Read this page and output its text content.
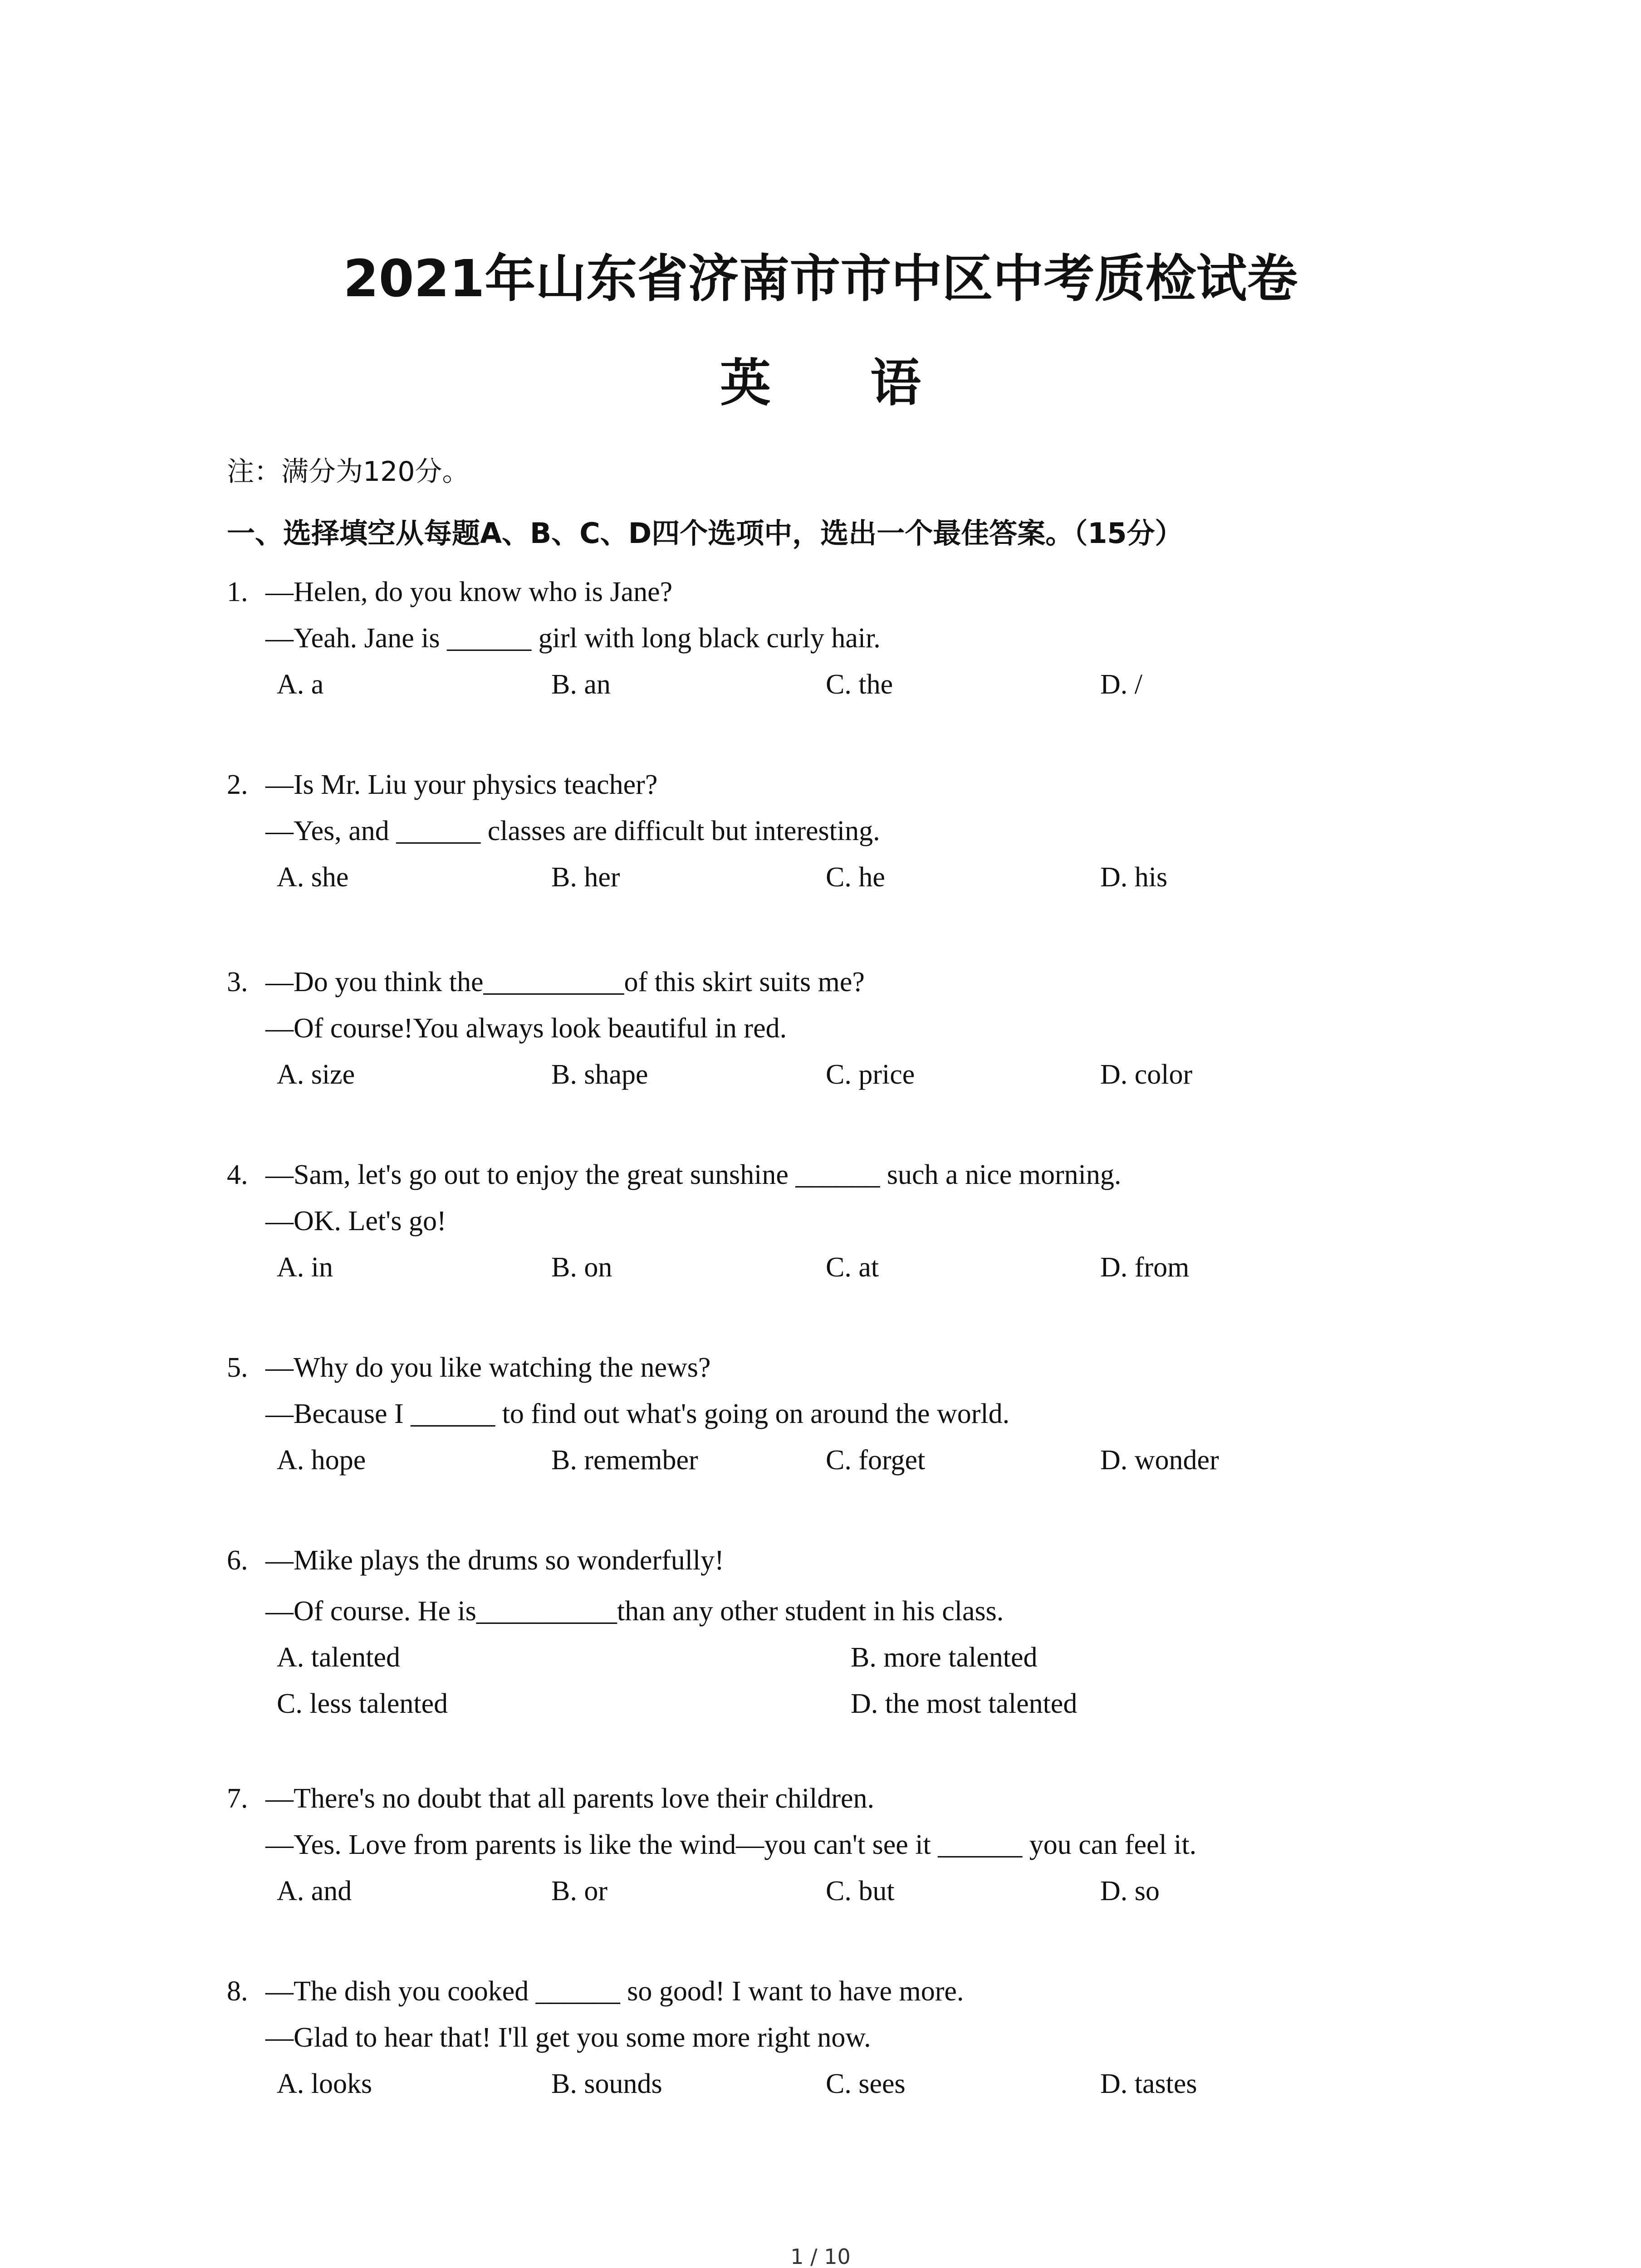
2021年山东省济南市市中区中考质检试卷
英 语
注：满分为120分。
一、选择填空从每题A、B、C、D四个选项中，选出一个最佳答案。（15分）
1. —Helen, do you know who is Jane?
—Yeah. Jane is ______ girl with long black curly hair.
A. a	B. an	C. the	D. /
2. —Is Mr. Liu your physics teacher?
—Yes, and ______ classes are difficult but interesting.
A. she	B. her	C. he	D. his
3. —Do you think the__________of this skirt suits me?
—Of course!You always look beautiful in red.
A. size	B. shape	C. price	D. color
4. —Sam, let's go out to enjoy the great sunshine ______ such a nice morning.
—OK. Let's go!
A. in	B. on	C. at	D. from
5. —Why do you like watching the news?
—Because I ______ to find out what's going on around the world.
A. hope	B. remember	C. forget	D. wonder
6. —Mike plays the drums so wonderfully!
—Of course. He is__________than any other student in his class.
A. talented	B. more talented
C. less talented	D. the most talented
7. —There's no doubt that all parents love their children.
—Yes. Love from parents is like the wind—you can't see it ______ you can feel it.
A. and	B. or	C. but	D. so
8. —The dish you cooked ______ so good! I want to have more.
—Glad to hear that! I'll get you some more right now.
A. looks	B. sounds	C. sees	D. tastes
1 / 10
